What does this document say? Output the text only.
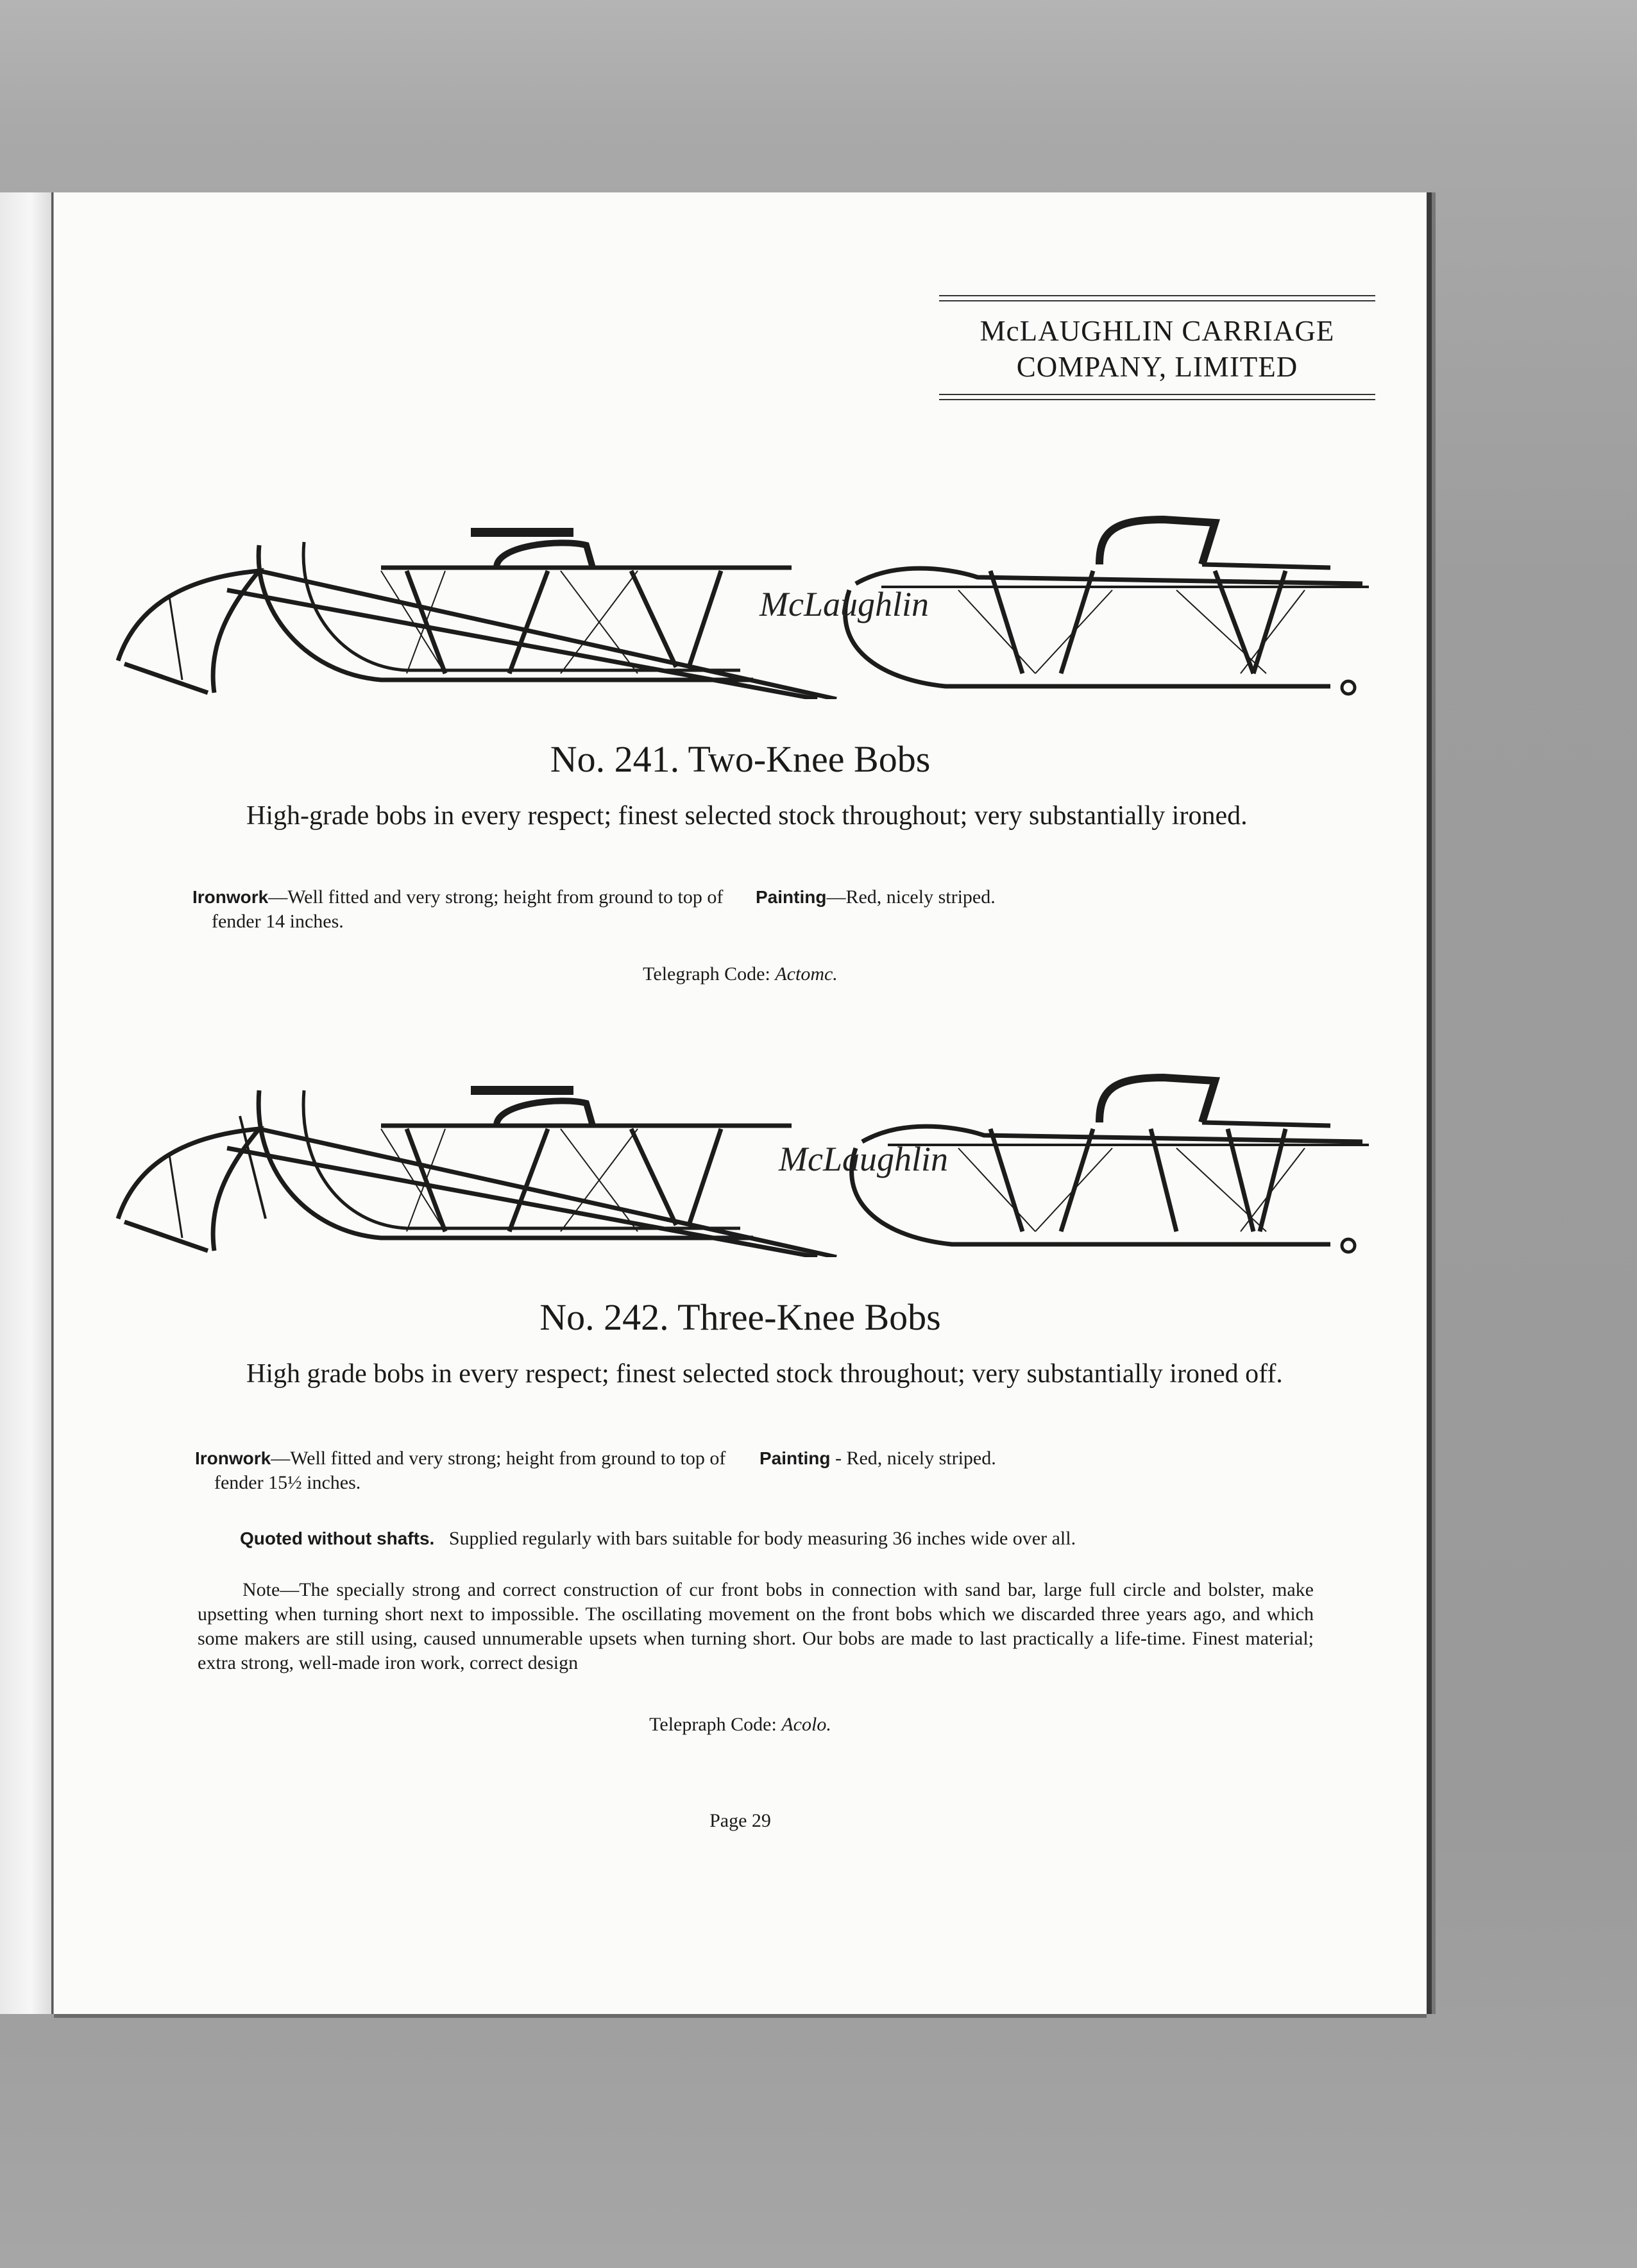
McLAUGHLIN CARRIAGE
COMPANY, LIMITED
McLaughlin
No. 241. Two-Knee Bobs
High-grade bobs in every respect; finest selected stock throughout; very substantially ironed.
Ironwork—Well fitted and very strong; height from ground to top of fender 14 inches.
Painting—Red, nicely striped.
Telegraph Code: Actomc.
McLaughlin
No. 242. Three-Knee Bobs
High grade bobs in every respect; finest selected stock throughout; very substantially ironed off.
Ironwork—Well fitted and very strong; height from ground to top of fender 15½ inches.
Painting - Red, nicely striped.
Quoted without shafts. Supplied regularly with bars suitable for body measuring 36 inches wide over all.
Note—The specially strong and correct construction of cur front bobs in connection with sand bar, large full circle and bolster, make upsetting when turning short next to impossible. The oscillating movement on the front bobs which we discarded three years ago, and which some makers are still using, caused unnumerable upsets when turning short. Our bobs are made to last practically a life-time. Finest material; extra strong, well-made iron work, correct design
Telepraph Code: Acolo.
Page 29
